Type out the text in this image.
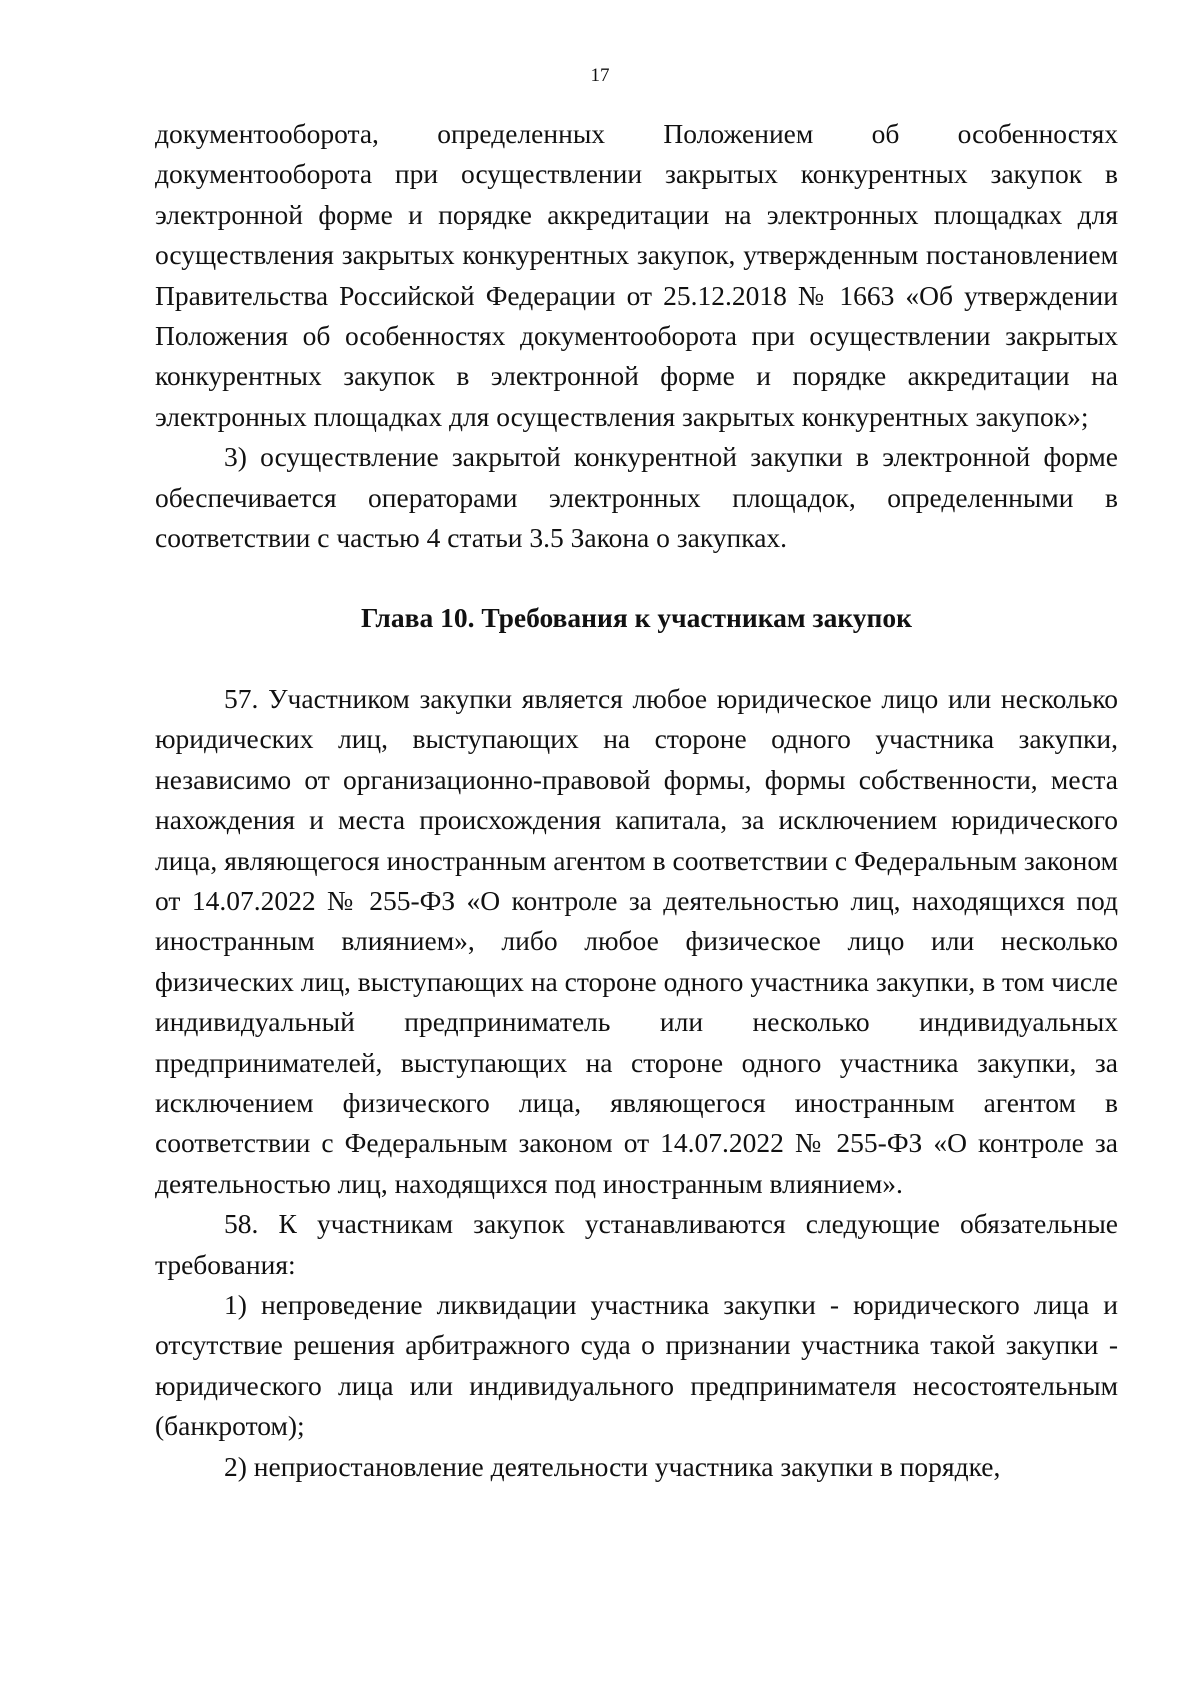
17

документооборота, определенных Положением об особенностях документооборота при осуществлении закрытых конкурентных закупок в электронной форме и порядке аккредитации на электронных площадках для осуществления закрытых конкурентных закупок, утвержденным постановлением Правительства Российской Федерации от 25.12.2018 № 1663 «Об утверждении Положения об особенностях документооборота при осуществлении закрытых конкурентных закупок в электронной форме и порядке аккредитации на электронных площадках для осуществления закрытых конкурентных закупок»;

3) осуществление закрытой конкурентной закупки в электронной форме обеспечивается операторами электронных площадок, определенными в соответствии с частью 4 статьи 3.5 Закона о закупках.

Глава 10. Требования к участникам закупок

57. Участником закупки является любое юридическое лицо или несколько юридических лиц, выступающих на стороне одного участника закупки, независимо от организационно-правовой формы, формы собственности, места нахождения и места происхождения капитала, за исключением юридического лица, являющегося иностранным агентом в соответствии с Федеральным законом от 14.07.2022 № 255-ФЗ «О контроле за деятельностью лиц, находящихся под иностранным влиянием», либо любое физическое лицо или несколько физических лиц, выступающих на стороне одного участника закупки, в том числе индивидуальный предприниматель или несколько индивидуальных предпринимателей, выступающих на стороне одного участника закупки, за исключением физического лица, являющегося иностранным агентом в соответствии с Федеральным законом от 14.07.2022 № 255-ФЗ «О контроле за деятельностью лиц, находящихся под иностранным влиянием».

58. К участникам закупок устанавливаются следующие обязательные требования:

1) непроведение ликвидации участника закупки - юридического лица и отсутствие решения арбитражного суда о признании участника такой закупки - юридического лица или индивидуального предпринимателя несостоятельным (банкротом);

2) неприостановление деятельности участника закупки в порядке,
